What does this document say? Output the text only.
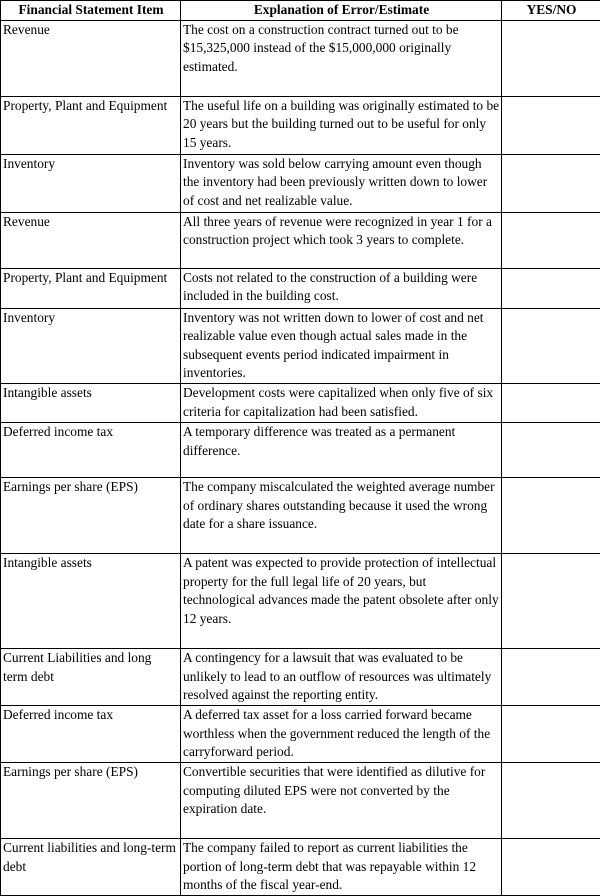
Financial Statement Item	Explanation of Error/Estimate	YES/NO
Revenue	The cost on a construction contract turned out to be $15,325,000 instead of the $15,000,000 originally estimated.	
Property, Plant and Equipment	The useful life on a building was originally estimated to be 20 years but the building turned out to be useful for only 15 years.	
Inventory	Inventory was sold below carrying amount even though the inventory had been previously written down to lower of cost and net realizable value.	
Revenue	All three years of revenue were recognized in year 1 for a construction project which took 3 years to complete.	
Property, Plant and Equipment	Costs not related to the construction of a building were included in the building cost.	
Inventory	Inventory was not written down to lower of cost and net realizable value even though actual sales made in the subsequent events period indicated impairment in inventories.	
Intangible assets	Development costs were capitalized when only five of six criteria for capitalization had been satisfied.	
Deferred income tax	A temporary difference was treated as a permanent difference.	
Earnings per share (EPS)	The company miscalculated the weighted average number of ordinary shares outstanding because it used the wrong date for a share issuance.	
Intangible assets	A patent was expected to provide protection of intellectual property for the full legal life of 20 years, but technological advances made the patent obsolete after only 12 years.	
Current Liabilities and long term debt	A contingency for a lawsuit that was evaluated to be unlikely to lead to an outflow of resources was ultimately resolved against the reporting entity.	
Deferred income tax	A deferred tax asset for a loss carried forward became worthless when the government reduced the length of the carryforward period.	
Earnings per share (EPS)	Convertible securities that were identified as dilutive for computing diluted EPS were not converted by the expiration date.	
Current liabilities and long-term debt	The company failed to report as current liabilities the portion of long-term debt that was repayable within 12 months of the fiscal year-end.	
